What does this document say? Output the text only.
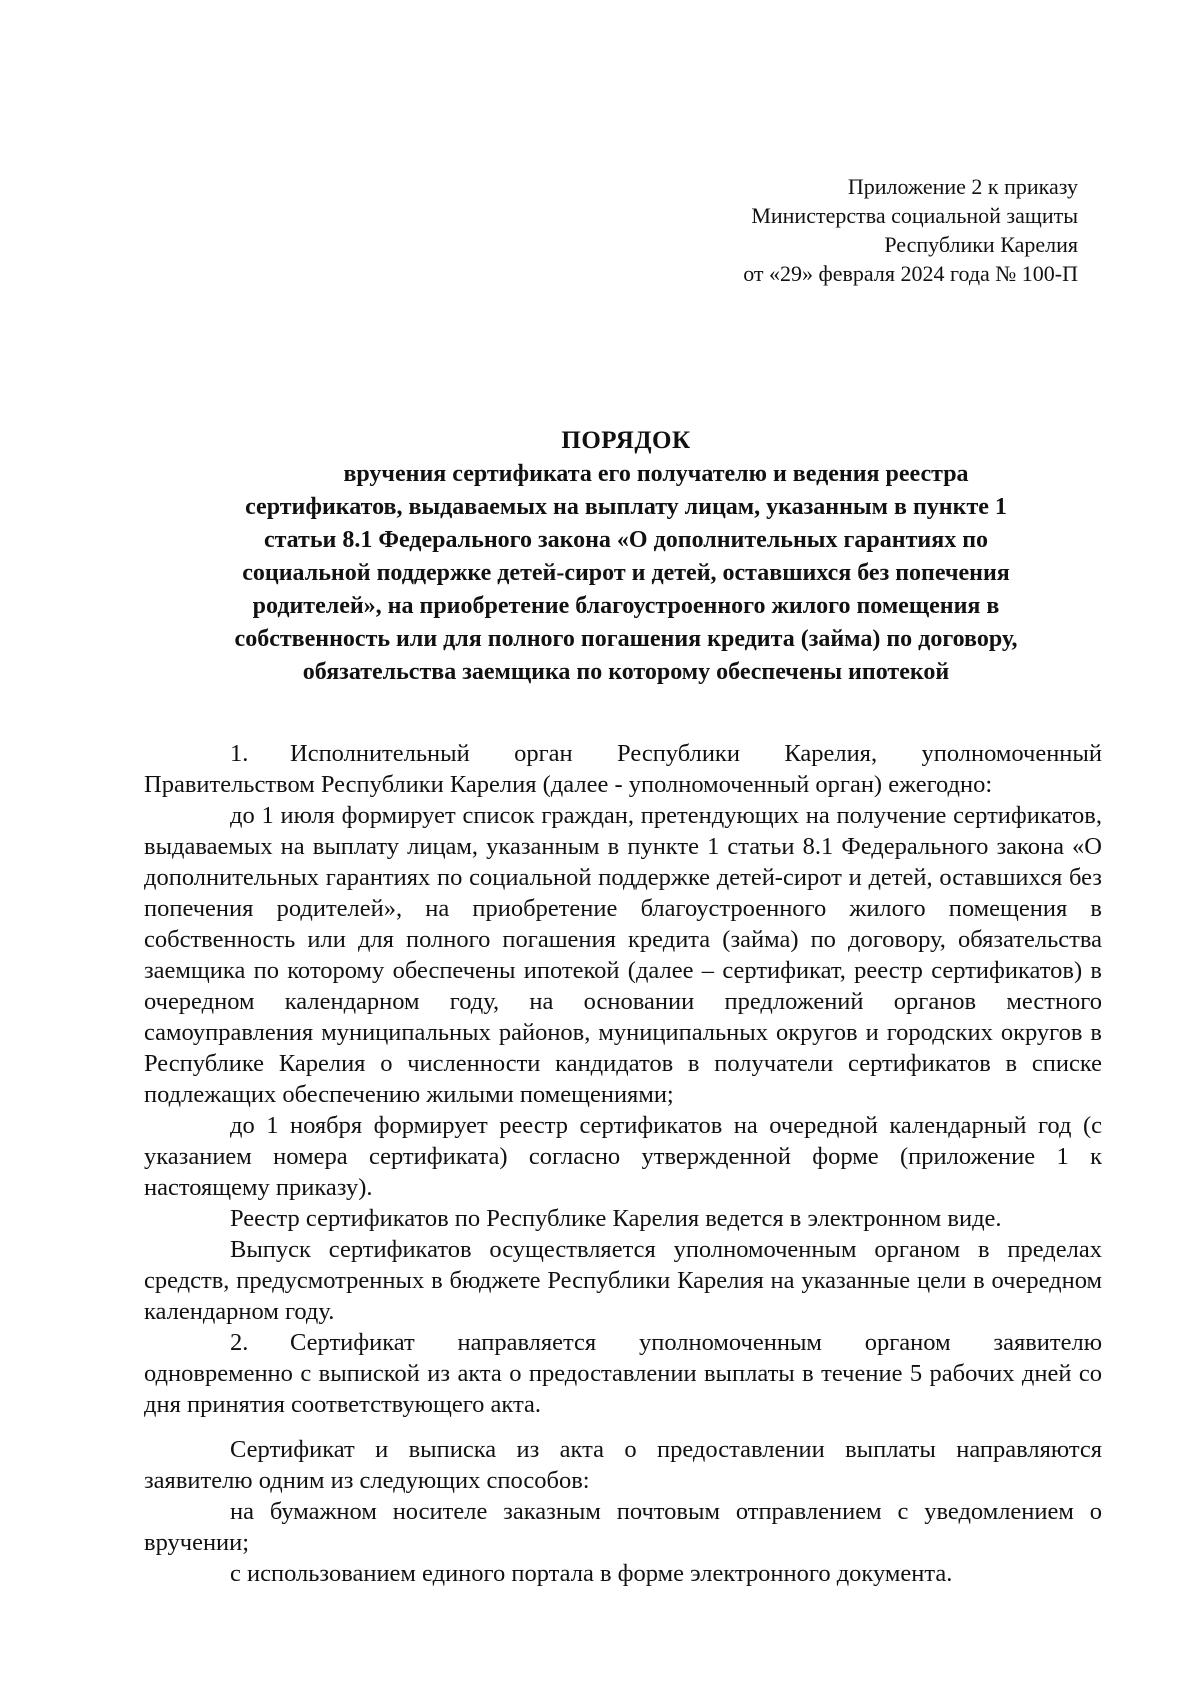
Приложение 2 к приказу
Министерства социальной защиты
Республики Карелия
от «29» февраля 2024 года № 100-П
ПОРЯДОК
вручения сертификата его получателю и ведения реестра
сертификатов, выдаваемых на выплату лицам, указанным в пункте 1
статьи 8.1 Федерального закона «О дополнительных гарантиях по
социальной поддержке детей-сирот и детей, оставшихся без попечения
родителей», на приобретение благоустроенного жилого помещения в
собственность или для полного погашения кредита (займа) по договору,
обязательства заемщика по которому обеспечены ипотекой

1. Исполнительный орган Республики Карелия, уполномоченный Правительством Республики Карелия (далее - уполномоченный орган) ежегодно:

до 1 июля формирует список граждан, претендующих на получение сертификатов, выдаваемых на выплату лицам, указанным в пункте 1 статьи 8.1 Федерального закона «О дополнительных гарантиях по социальной поддержке детей-сирот и детей, оставшихся без попечения родителей», на приобретение благоустроенного жилого помещения в собственность или для полного погашения кредита (займа) по договору, обязательства заемщика по которому обеспечены ипотекой (далее – сертификат, реестр сертификатов) в очередном календарном году, на основании предложений органов местного самоуправления муниципальных районов, муниципальных округов и городских округов в Республике Карелия о численности кандидатов в получатели сертификатов в списке подлежащих обеспечению жилыми помещениями;

до 1 ноября формирует реестр сертификатов на очередной календарный год (с указанием номера сертификата) согласно утвержденной форме (приложение 1 к настоящему приказу).

Реестр сертификатов по Республике Карелия ведется в электронном виде.

Выпуск сертификатов осуществляется уполномоченным органом в пределах средств, предусмотренных в бюджете Республики Карелия на указанные цели в очередном календарном году.

2. Сертификат направляется уполномоченным органом заявителю одновременно с выпиской из акта о предоставлении выплаты в течение 5 рабочих дней со дня принятия соответствующего акта.

Сертификат и выписка из акта о предоставлении выплаты направляются заявителю одним из следующих способов:

на бумажном носителе заказным почтовым отправлением с уведомлением о вручении;

с использованием единого портала в форме электронного документа.
